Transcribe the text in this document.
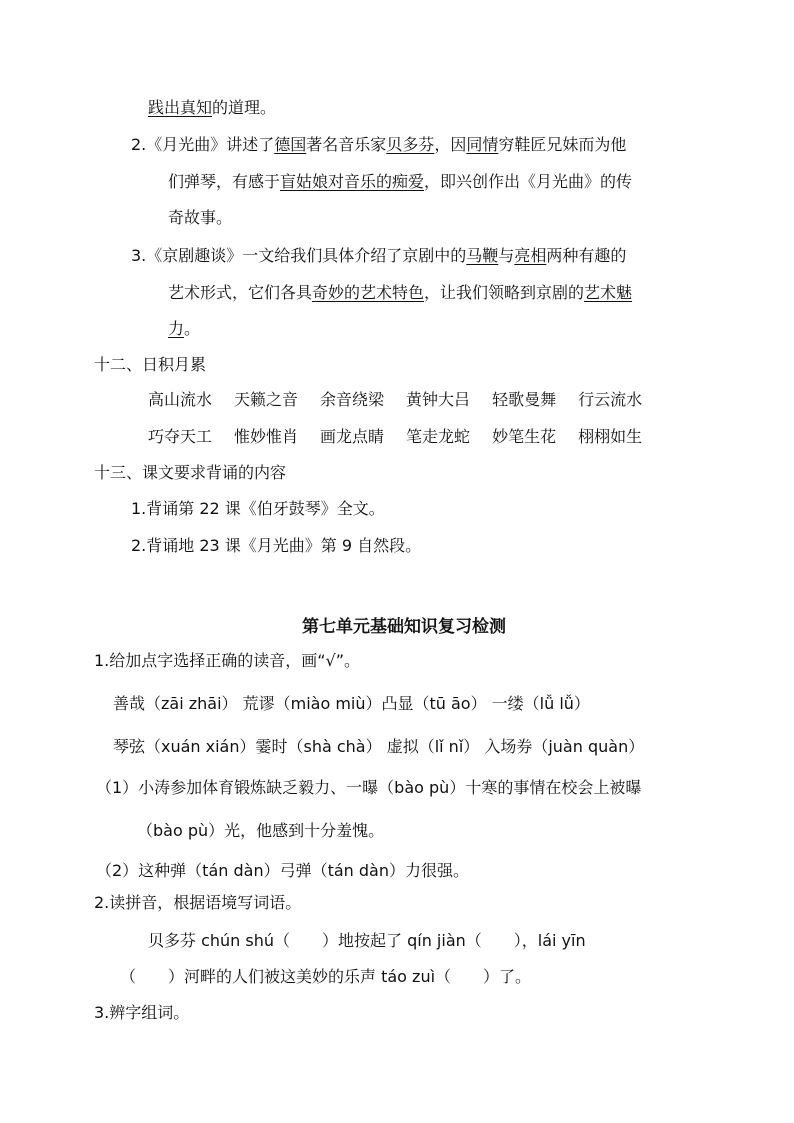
践出真知的道理。
2.《月光曲》讲述了德国著名音乐家贝多芬，因同情穷鞋匠兄妹而为他
们弹琴，有感于盲姑娘对音乐的痴爱，即兴创作出《月光曲》的传
奇故事。
3.《京剧趣谈》一文给我们具体介绍了京剧中的马鞭与亮相两种有趣的
艺术形式，它们各具奇妙的艺术特色，让我们领略到京剧的艺术魅
力。
十二、日积月累
高山流水 天籁之音 余音绕梁 黄钟大吕 轻歌曼舞 行云流水
巧夺天工 惟妙惟肖 画龙点睛 笔走龙蛇 妙笔生花 栩栩如生
十三、课文要求背诵的内容
1.背诵第 22 课《伯牙鼓琴》全文。
2.背诵地 23 课《月光曲》第 9 自然段。
第七单元基础知识复习检测
1.给加点字选择正确的读音，画“√”。
善哉（zāi zhāi） 荒谬（miào miù）凸显（tū āo） 一缕（lǚ lǚ）
琴弦（xuán xián）霎时（shà chà） 虚拟（lǐ nǐ） 入场券（juàn quàn）
（1）小涛参加体育锻炼缺乏毅力、一曝（bào pù）十寒的事情在校会上被曝
（bào pù）光，他感到十分羞愧。
（2）这种弹（tán dàn）弓弹（tán dàn）力很强。
2.读拼音，根据语境写词语。
贝多芬 chún shú（　　）地按起了 qín jiàn（　　），lái yīn
（　　）河畔的人们被这美妙的乐声 táo zuì（　　）了。
3.辨字组词。
